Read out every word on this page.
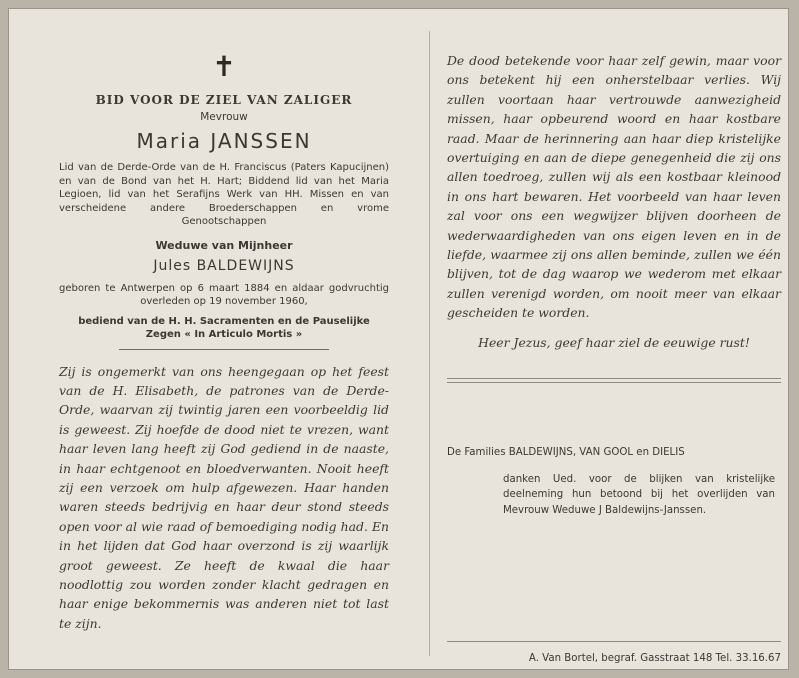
✝
BID VOOR DE ZIEL VAN ZALIGER
Mevrouw
Maria JANSSEN
Lid van de Derde-Orde van de H. Franciscus (Paters Kapucijnen) en van de Bond van het H. Hart; Biddend lid van het Maria Legioen, lid van het Serafijns Werk van HH. Missen en van verscheidene andere Broederschappen en vrome Genootschappen
Weduwe van Mijnheer
Jules BALDEWIJNS
geboren te Antwerpen op 6 maart 1884 en aldaar godvruchtig overleden op 19 november 1960,
bediend van de H. H. Sacramenten en de Pauselijke Zegen « In Articulo Mortis »
Zij is ongemerkt van ons heengegaan op het feest van de H. Elisabeth, de patrones van de Derde-Orde, waarvan zij twintig jaren een voorbeeldig lid is geweest. Zij hoefde de dood niet te vrezen, want haar leven lang heeft zij God gediend in de naaste, in haar echtgenoot en bloedverwanten. Nooit heeft zij een verzoek om hulp afgewezen. Haar handen waren steeds bedrijvig en haar deur stond steeds open voor al wie raad of bemoediging nodig had. En in het lijden dat God haar overzond is zij waarlijk groot geweest. Ze heeft de kwaal die haar noodlottig zou worden zonder klacht gedragen en haar enige bekommernis was anderen niet tot last te zijn.
De dood betekende voor haar zelf gewin, maar voor ons betekent hij een onherstelbaar verlies. Wij zullen voortaan haar vertrouwde aanwezigheid missen, haar opbeurend woord en haar kostbare raad. Maar de herinnering aan haar diep kristelijke overtuiging en aan de diepe genegenheid die zij ons allen toedroeg, zullen wij als een kostbaar kleinood in ons hart bewaren. Het voorbeeld van haar leven zal voor ons een wegwijzer blijven doorheen de wederwaardigheden van ons eigen leven en in de liefde, waarmee zij ons allen beminde, zullen we één blijven, tot de dag waarop we wederom met elkaar zullen verenigd worden, om nooit meer van elkaar gescheiden te worden.
Heer Jezus, geef haar ziel de eeuwige rust!
De Families BALDEWIJNS, VAN GOOL en DIELIS
danken Ued. voor de blijken van kristelijke deelneming hun betoond bij het overlijden van Mevrouw Weduwe J Baldewijns-Janssen.
A. Van Bortel, begraf. Gasstraat 148 Tel. 33.16.67
